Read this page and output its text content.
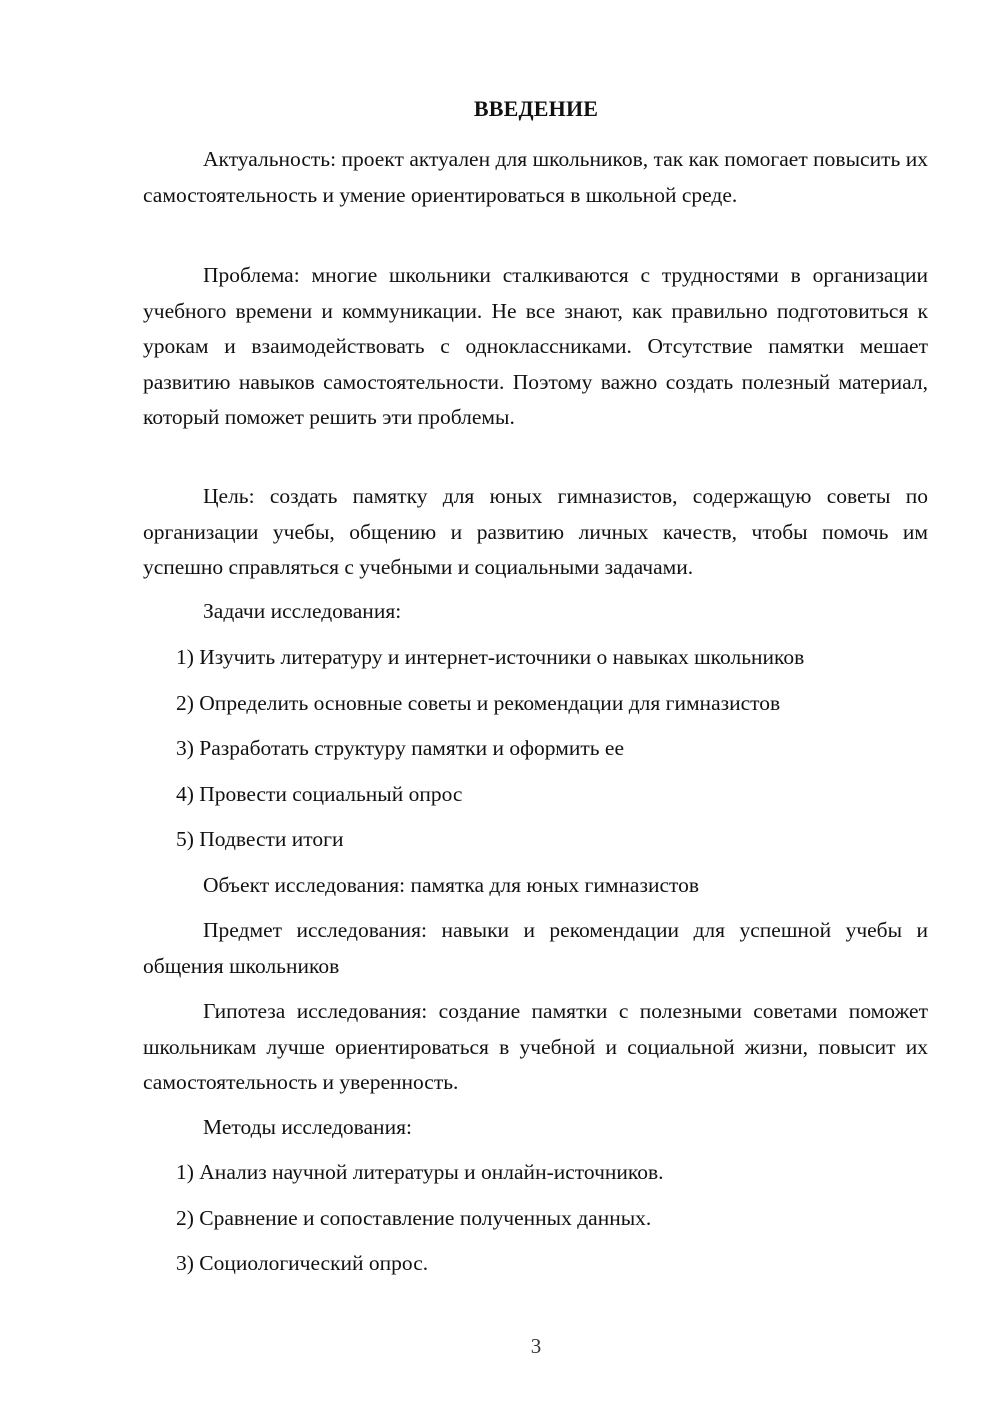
ВВЕДЕНИЕ
Актуальность: проект актуален для школьников, так как помогает повысить их самостоятельность и умение ориентироваться в школьной среде.
Проблема: многие школьники сталкиваются с трудностями в организации учебного времени и коммуникации. Не все знают, как правильно подготовиться к урокам и взаимодействовать с одноклассниками. Отсутствие памятки мешает развитию навыков самостоятельности. Поэтому важно создать полезный материал, который поможет решить эти проблемы.
Цель: создать памятку для юных гимназистов, содержащую советы по организации учебы, общению и развитию личных качеств, чтобы помочь им успешно справляться с учебными и социальными задачами.
Задачи исследования:
1) Изучить литературу и интернет-источники о навыках школьников
2) Определить основные советы и рекомендации для гимназистов
3) Разработать структуру памятки и оформить ее
4) Провести социальный опрос
5) Подвести итоги
Объект исследования: памятка для юных гимназистов
Предмет исследования: навыки и рекомендации для успешной учебы и общения школьников
Гипотеза исследования: создание памятки с полезными советами поможет школьникам лучше ориентироваться в учебной и социальной жизни, повысит их самостоятельность и уверенность.
Методы исследования:
1) Анализ научной литературы и онлайн-источников.
2) Сравнение и сопоставление полученных данных.
3) Социологический опрос.
3
